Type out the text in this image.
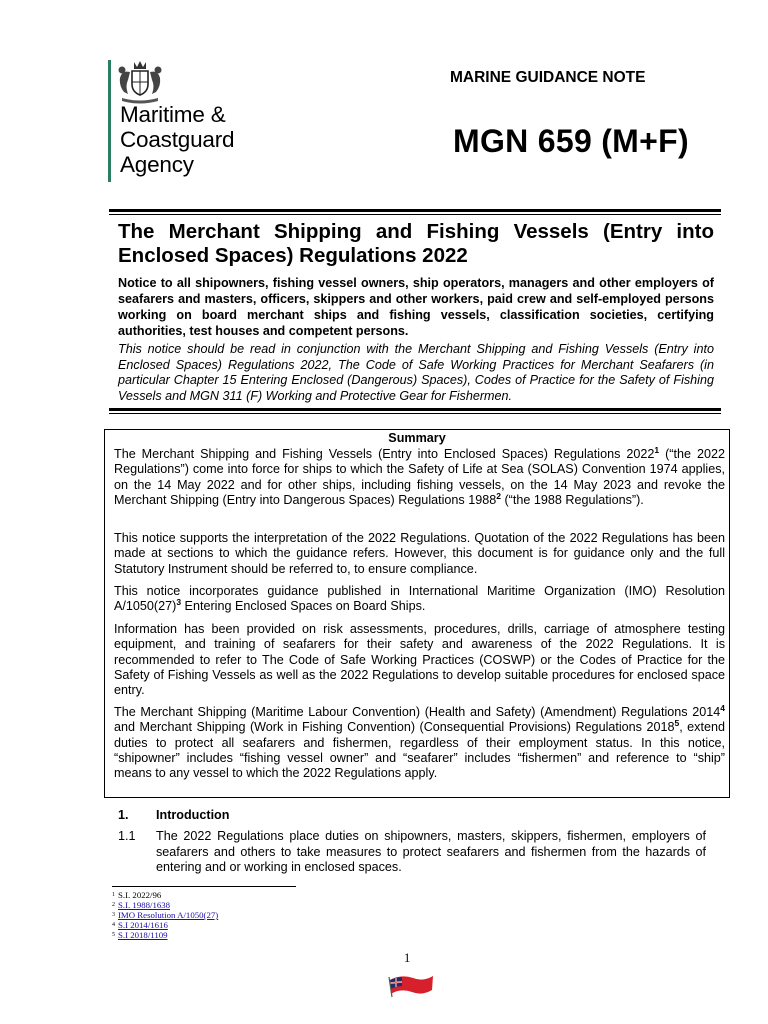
Maritime &
Coastguard
Agency
MARINE GUIDANCE NOTE
MGN 659 (M+F)
The Merchant Shipping and Fishing Vessels (Entry into Enclosed Spaces) Regulations 2022
Notice to all shipowners, fishing vessel owners, ship operators, managers and other employers of seafarers and masters, officers, skippers and other workers, paid crew and self-employed persons working on board merchant ships and fishing vessels, classification societies, certifying authorities, test houses and competent persons.
This notice should be read in conjunction with the Merchant Shipping and Fishing Vessels (Entry into Enclosed Spaces) Regulations 2022, The Code of Safe Working Practices for Merchant Seafarers (in particular Chapter 15 Entering Enclosed (Dangerous) Spaces), Codes of Practice for the Safety of Fishing Vessels and MGN 311 (F) Working and Protective Gear for Fishermen.
Summary
The Merchant Shipping and Fishing Vessels (Entry into Enclosed Spaces) Regulations 2022$^1$ (“the 2022 Regulations”) come into force for ships to which the Safety of Life at Sea (SOLAS) Convention 1974 applies, on the 14 May 2022 and for other ships, including fishing vessels, on the 14 May 2023 and revoke the Merchant Shipping (Entry into Dangerous Spaces) Regulations 1988$^2$ (“the 1988 Regulations”).
This notice supports the interpretation of the 2022 Regulations. Quotation of the 2022 Regulations has been made at sections to which the guidance refers. However, this document is for guidance only and the full Statutory Instrument should be referred to, to ensure compliance.
This notice incorporates guidance published in International Maritime Organization (IMO) Resolution $A/1050(27)^3$ Entering Enclosed Spaces on Board Ships.
Information has been provided on risk assessments, procedures, drills, carriage of atmosphere testing equipment, and training of seafarers for their safety and awareness of the 2022 Regulations. It is recommended to refer to The Code of Safe Working Practices (COSWP) or the Codes of Practice for the Safety of Fishing Vessels as well as the 2022 Regulations to develop suitable procedures for enclosed space entry.
The Merchant Shipping (Maritime Labour Convention) (Health and Safety) (Amendment) Regulations 2014$^4$ and Merchant Shipping (Work in Fishing Convention) (Consequential Provisions) Regulations 2018$^5$, extend duties to protect all seafarers and fishermen, regardless of their employment status. In this notice, “shipowner” includes “fishing vessel owner” and “seafarer” includes “fishermen” and reference to “ship” means to any vessel to which the 2022 Regulations apply.
1. Introduction
1.1 The 2022 Regulations place duties on shipowners, masters, skippers, fishermen, employers of seafarers and others to take measures to protect seafarers and fishermen from the hazards of entering and or working in enclosed spaces.
$^1$ S.I. 2022/96
$^2$ S.I. 1988/1638
$^3$ IMO Resolution A/1050(27)
$^4$ S.I 2014/1616
$^5$ S.I 2018/1109
1
